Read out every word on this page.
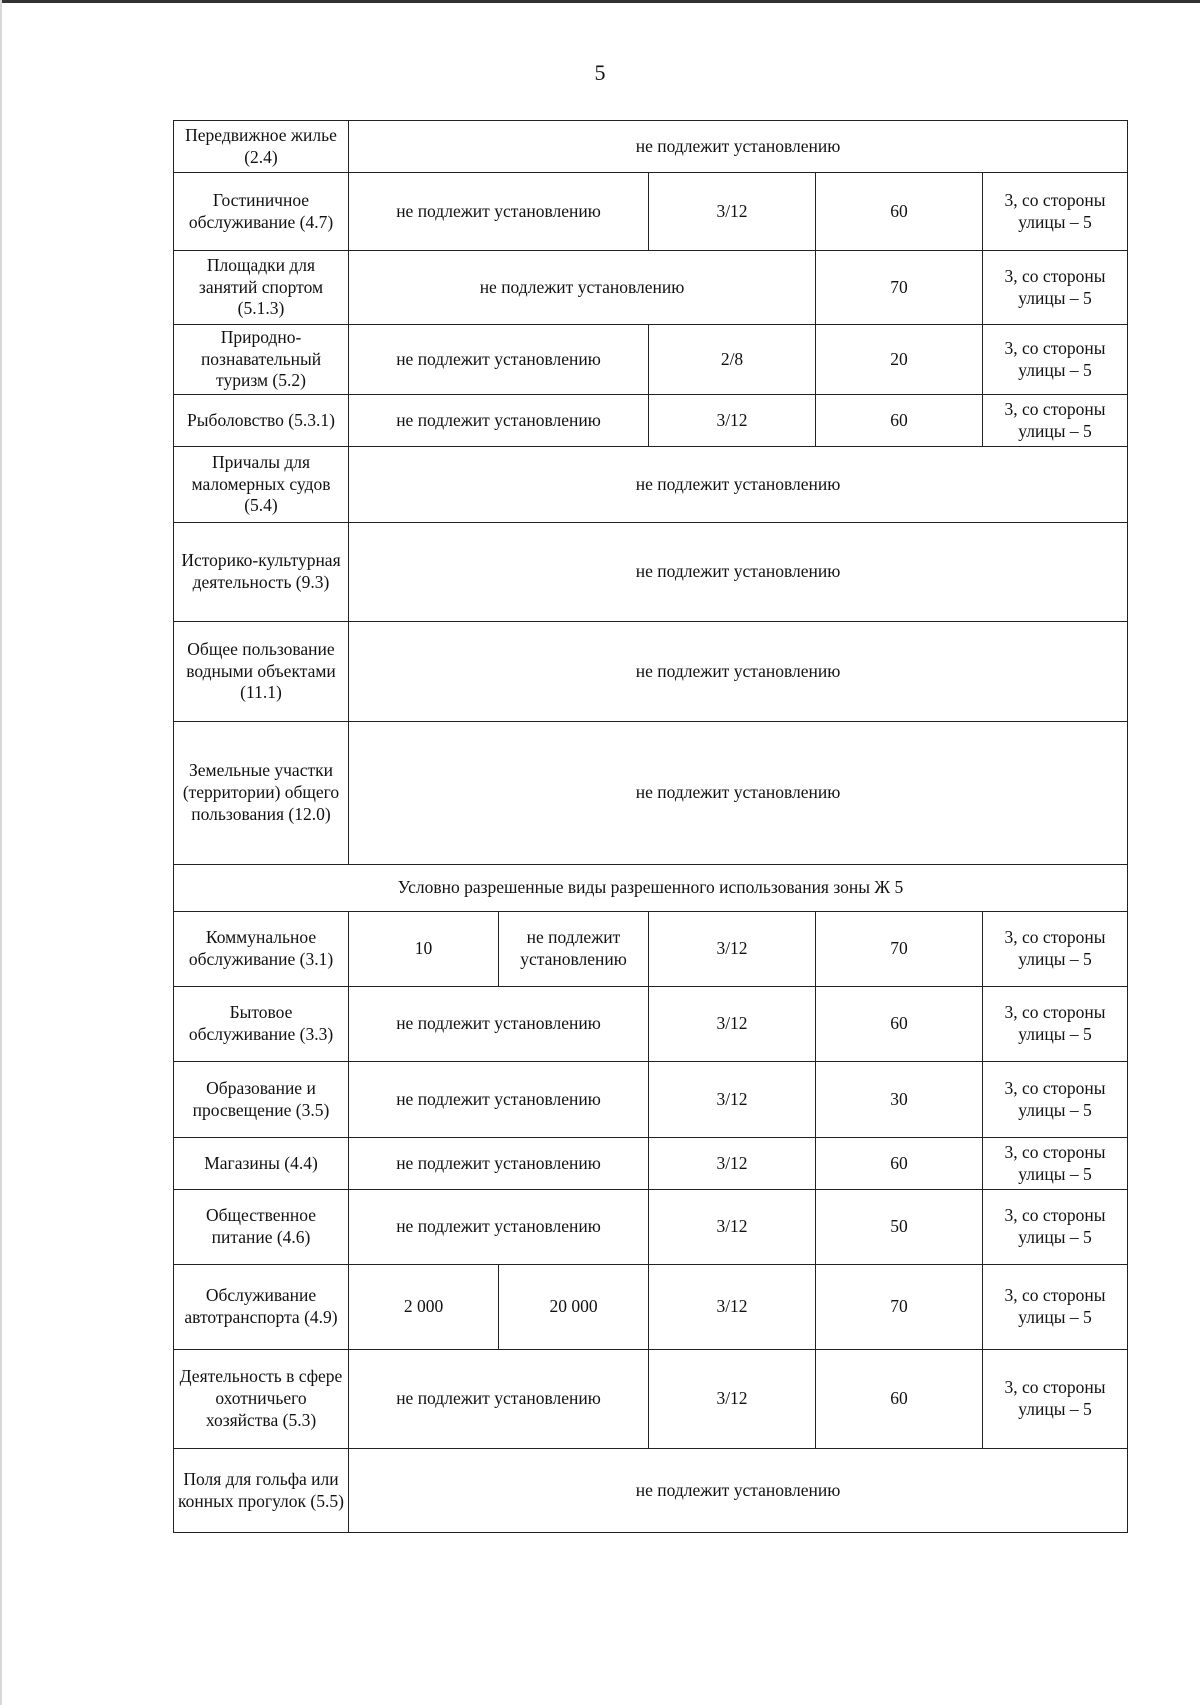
5
Передвижное жилье (2.4)	не подлежит установлению				
Гостиничное обслуживание (4.7)	не подлежит установлению		3/12	60	3, со стороны улицы – 5
Площадки для занятий спортом (5.1.3)	не подлежит установлению			70	3, со стороны улицы – 5
Природно-познавательный туризм (5.2)	не подлежит установлению		2/8	20	3, со стороны улицы – 5
Рыболовство (5.3.1)	не подлежит установлению		3/12	60	3, со стороны улицы – 5
Причалы для маломерных судов (5.4)	не подлежит установлению				
Историко-культурная деятельность (9.3)	не подлежит установлению				
Общее пользование водными объектами (11.1)	не подлежит установлению				
Земельные участки (территории) общего пользования (12.0)	не подлежит установлению				
Условно разрешенные виды разрешенного использования зоны Ж 5					
Коммунальное обслуживание (3.1)	10	не подлежит установлению	3/12	70	3, со стороны улицы – 5
Бытовое обслуживание (3.3)	не подлежит установлению		3/12	60	3, со стороны улицы – 5
Образование и просвещение (3.5)	не подлежит установлению		3/12	30	3, со стороны улицы – 5
Магазины (4.4)	не подлежит установлению		3/12	60	3, со стороны улицы – 5
Общественное питание (4.6)	не подлежит установлению		3/12	50	3, со стороны улицы – 5
Обслуживание автотранспорта (4.9)	2 000	20 000	3/12	70	3, со стороны улицы – 5
Деятельность в сфере охотничьего хозяйства (5.3)	не подлежит установлению		3/12	60	3, со стороны улицы – 5
Поля для гольфа или конных прогулок (5.5)	не подлежит установлению				
